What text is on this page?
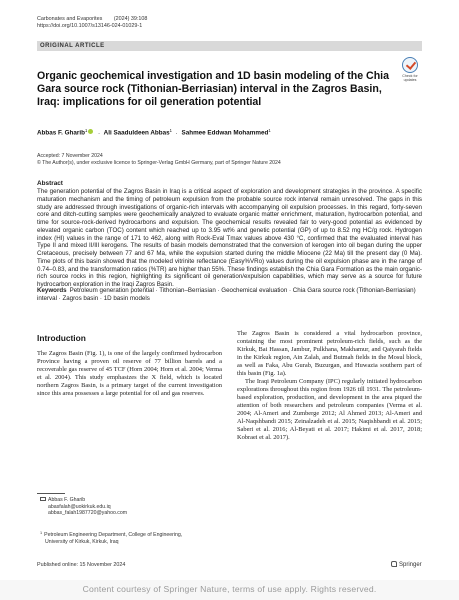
Carbonates and Evaporites (2024) 39:108
https://doi.org/10.1007/s13146-024-01029-1
ORIGINAL ARTICLE
Check for updates
Organic geochemical investigation and 1D basin modeling of the Chia Gara source rock (Tithonian-Berriasian) interval in the Zagros Basin, Iraq: implications for oil generation potential
Abbas F. Gharib$^1$ · Ali Saaduldeen Abbas$^1$ · Sahmee Eddwan Mohammed$^1$
Accepted: 7 November 2024
© The Author(s), under exclusive licence to Springer-Verlag GmbH Germany, part of Springer Nature 2024
Abstract
The generation potential of the Zagros Basin in Iraq is a critical aspect of exploration and development strategies in the province. A specific maturation mechanism and the timing of petroleum expulsion from the probable source rock interval remain unresolved. The gaps in this study are addressed through investigations of organic-rich intervals with accompanying oil expulsion processes. In this regard, forty-seven core and ditch-cutting samples were geochemically analyzed to evaluate organic matter enrichment, maturation, hydrocarbon potential, and time for source-rock-derived hydrocarbons and expulsion. The geochemical results revealed fair to very-good potential as evidenced by elevated organic carbon (TOC) content which reached up to 3.95 wt% and genetic potential (GP) of up to 8.52 mg HC/g rock. Hydrogen index (HI) values in the range of 171 to 462, along with Rock-Eval Tmax values above 430 °C, confirmed that the evaluated interval has Type II and mixed II/III kerogens. The results of basin models demonstrated that the conversion of kerogen into oil began during the upper Cretaceous, precisely between 77 and 67 Ma, while the expulsion started during the middle Miocene (22 Ma) till the present day (0 Ma). Time plots of this basin showed that the modeled vitrinite reflectance (Easy%VRo) values during the oil expulsion phase are in the range of 0.74–0.83, and the transformation ratios (%TR) are higher than 55%. These findings establish the Chia Gara Formation as the main organic-rich source rocks in this region, highlighting its significant oil generation/expulsion capabilities, which may serve as a source for future hydrocarbon exploration in the Iraqi Zagros Basin.
Keywords Petroleum generation potential · Tithonian–Berriasian · Geochemical evaluation · Chia Gara source rock (Tithonian-Berriasian) interval · Zagros basin · 1D basin models
Introduction
The Zagros Basin (Fig. 1), is one of the largely confirmed hydrocarbon Province having a proven oil reserve of 77 billion barrels and a recoverable gas reserve of 45 TCF (Horn 2004; Horn et al. 2004; Verma et al. 2004). This study emphasizes the X field, which is located northern Zagros Basin, is a primary target of the current investigation since this area possesses a large potential for oil and gas reserves.
The Zagros Basin is considered a vital hydrocarbon province, containing the most prominent petroleum-rich fields, such as the Kirkuk, Bai Hassan, Jambur, Pulkhana, Makhamur, and Qaiyarah fields in the Kirkuk region, Ain Zalah, and Butmah fields in the Mosul block, as well as Faka, Abu Gurab, Buzurgan, and Huwazia southern part of this basin (Fig. 1a).
The Iraqi Petroleum Company (IPC) regularly initiated hydrocarbon explorations throughout this region from 1926 till 1931. The petroleum-based exploration, production, and development in the area piqued the attention of both researchers and petroleum companies (Verma et al. 2004; Al-Ameri and Zumberge 2012; Al Ahmed 2013; Al-Ameri and Al-Naqshbandi 2015; Zeinalzadeh et al. 2015; Naqishbandi et al. 2015; Saberi et al. 2016; Al-Beyati et al. 2017; Hakimi et al. 2017, 2018; Kobraei et al. 2017).
Abbas F. Gharib
abasfalah@uokirkuk.edu.iq
abbas_falah1987720@yahoo.com
$^1$ Petroleum Engineering Department, College of Engineering,
University of Kirkuk, Kirkuk, Iraq
Published online: 15 November 2024	Springer
Content courtesy of Springer Nature, terms of use apply. Rights reserved.
